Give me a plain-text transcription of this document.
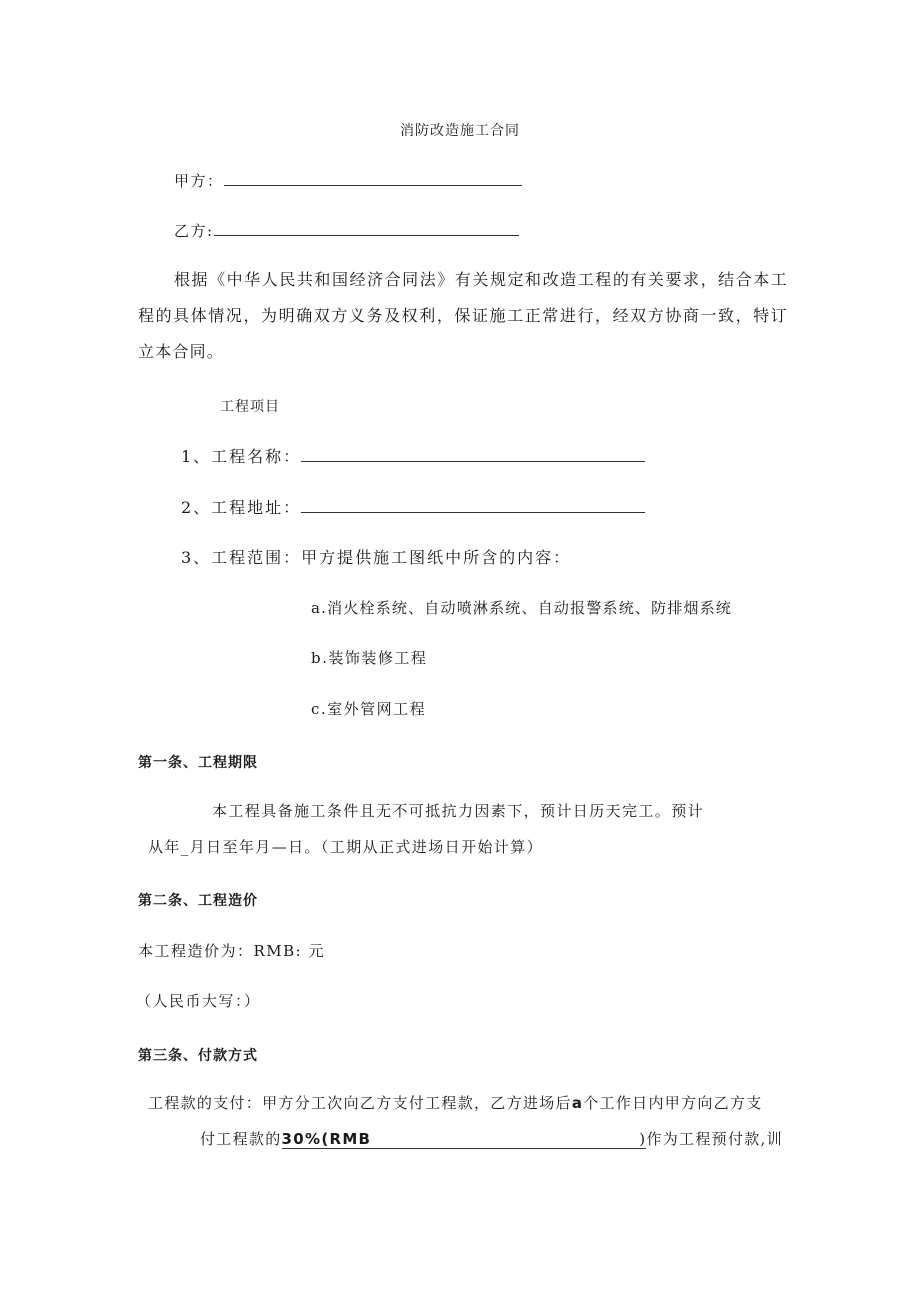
消防改造施工合同
甲方：
乙方:
根据《中华人民共和国经济合同法》有关规定和改造工程的有关要求，结合本工程的具体情况，为明确双方义务及权利，保证施工正常进行，经双方协商一致，特订立本合同。
工程项目
1、工程名称：
2、工程地址：
3、工程范围：甲方提供施工图纸中所含的内容：
a.消火栓系统、自动喷淋系统、自动报警系统、防排烟系统
b.装饰装修工程
c.室外管网工程
第一条、工程期限
本工程具备施工条件且无不可抵抗力因素下，预计日历天完工。预计
从年_月日至年月—日。（工期从正式进场日开始计算）
第二条、工程造价
本工程造价为：RMB: 元
（人民币大写：）
第三条、付款方式
工程款的支付：甲方分工次向乙方支付工程款，乙方进场后a个工作日内甲方向乙方支
付工程款的30%(RMB	)作为工程预付款,训
